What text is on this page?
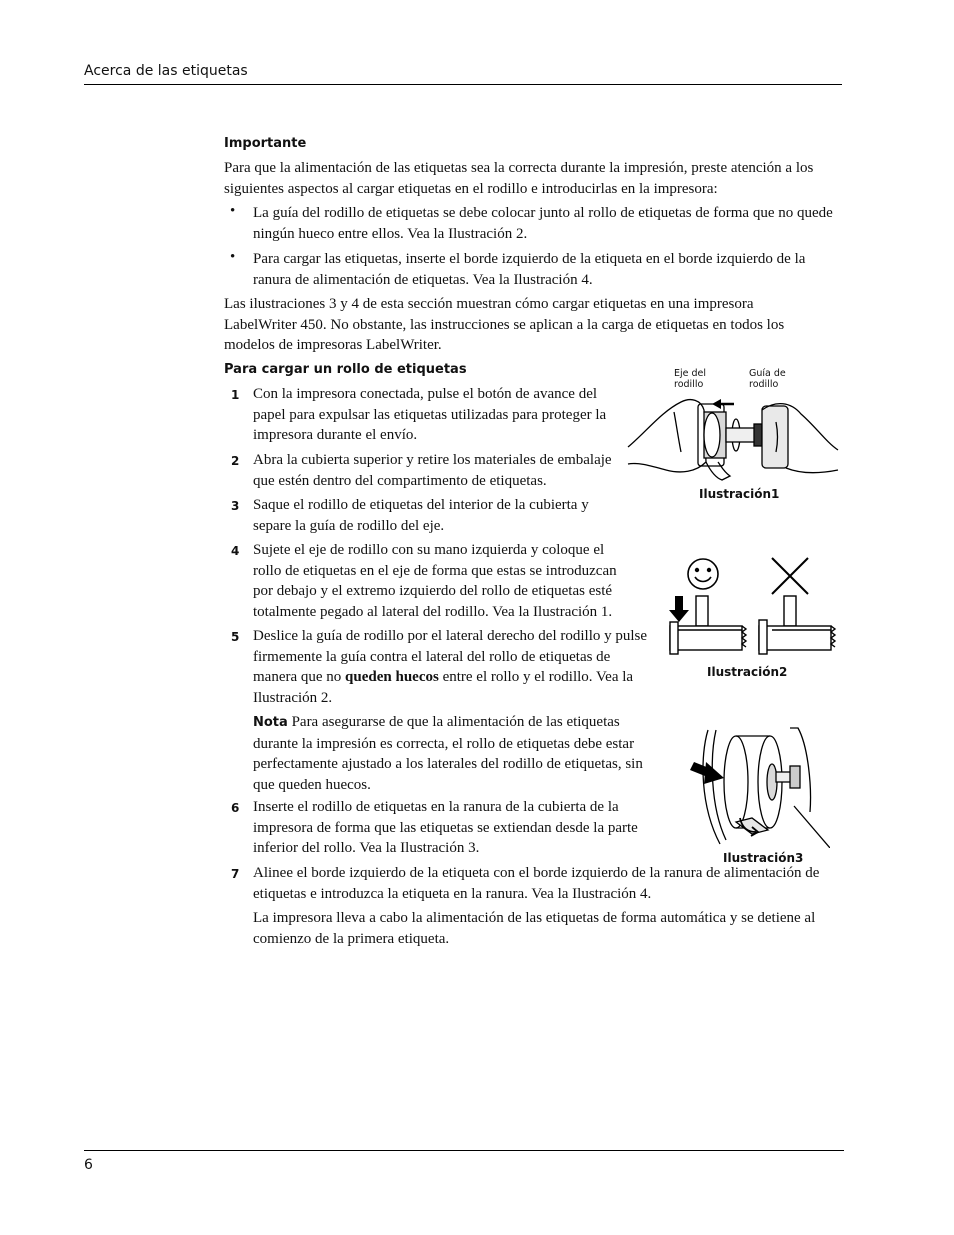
Acerca de las etiquetas
Importante

Para que la alimentación de las etiquetas sea la correcta durante la impresión, preste atención a los siguientes aspectos al cargar etiquetas en el rodillo e introducirlas en la impresora:

• La guía del rodillo de etiquetas se debe colocar junto al rollo de etiquetas de forma que no quede ningún hueco entre ellos. Vea la Ilustración 2.

• Para cargar las etiquetas, inserte el borde izquierdo de la etiqueta en el borde izquierdo de la ranura de alimentación de etiquetas. Vea la Ilustración 4.

Las ilustraciones 3 y 4 de esta sección muestran cómo cargar etiquetas en una impresora LabelWriter 450. No obstante, las instrucciones se aplican a la carga de etiquetas en todos los modelos de impresoras LabelWriter.

Para cargar un rollo de etiquetas
1 Con la impresora conectada, pulse el botón de avance del papel para expulsar las etiquetas utilizadas para proteger la impresora durante el envío.

2 Abra la cubierta superior y retire los materiales de embalaje que estén dentro del compartimento de etiquetas.

3 Saque el rodillo de etiquetas del interior de la cubierta y separe la guía de rodillo del eje.

4 Sujete el eje de rodillo con su mano izquierda y coloque el rollo de etiquetas en el eje de forma que estas se introduzcan por debajo y el extremo izquierdo del rollo de etiquetas esté totalmente pegado al lateral del rodillo. Vea la Ilustración 1.

5 Deslice la guía de rodillo por el lateral derecho del rodillo y pulse firmemente la guía contra el lateral del rollo de etiquetas de manera que no queden huecos entre el rollo y el rodillo. Vea la Ilustración 2.

Nota Para asegurarse de que la alimentación de las etiquetas durante la impresión es correcta, el rollo de etiquetas debe estar perfectamente ajustado a los laterales del rodillo de etiquetas, sin que queden huecos.

6 Inserte el rodillo de etiquetas en la ranura de la cubierta de la impresora de forma que las etiquetas se extiendan desde la parte inferior del rollo. Vea la Ilustración 3.

7 Alinee el borde izquierdo de la etiqueta con el borde izquierdo de la ranura de alimentación de etiquetas e introduzca la etiqueta en la ranura. Vea la Ilustración 4.

La impresora lleva a cabo la alimentación de las etiquetas de forma automática y se detiene al comienzo de la primera etiqueta.

Eje del rodillo
Guía de rodillo
Ilustración1
Ilustración2
Ilustración3
6
